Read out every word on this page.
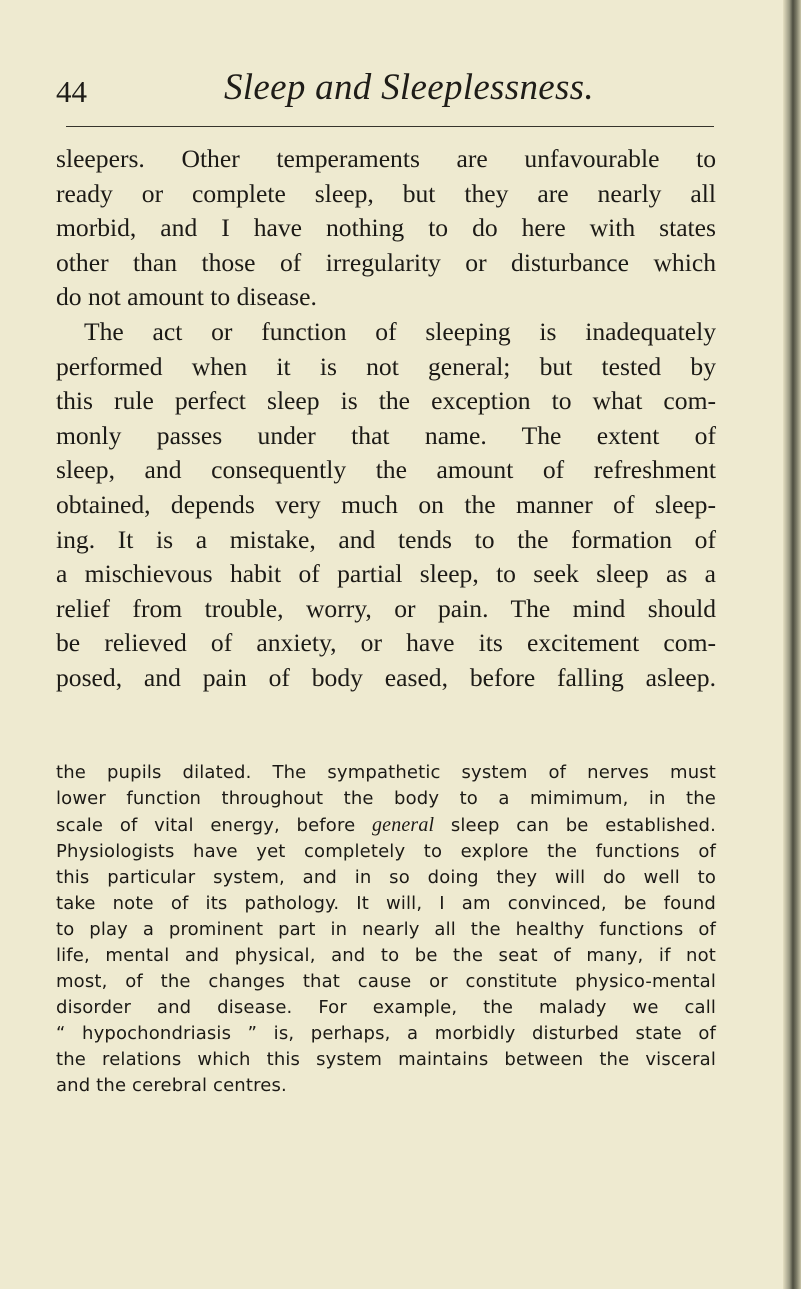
44	Sleep and Sleeplessness.
sleepers. Other temperaments are unfavourable to
ready or complete sleep, but they are nearly all
morbid, and I have nothing to do here with states
other than those of irregularity or disturbance which
do not amount to disease.
The act or function of sleeping is inadequately
performed when it is not general; but tested by
this rule perfect sleep is the exception to what com-
monly passes under that name. The extent of
sleep, and consequently the amount of refreshment
obtained, depends very much on the manner of sleep-
ing. It is a mistake, and tends to the formation of
a mischievous habit of partial sleep, to seek sleep as a
relief from trouble, worry, or pain. The mind should
be relieved of anxiety, or have its excitement com-
posed, and pain of body eased, before falling asleep.
the pupils dilated. The sympathetic system of nerves must
lower function throughout the body to a mimimum, in the
scale of vital energy, before general sleep can be established.
Physiologists have yet completely to explore the functions of
this particular system, and in so doing they will do well to
take note of its pathology. It will, I am convinced, be found
to play a prominent part in nearly all the healthy functions of
life, mental and physical, and to be the seat of many, if not
most, of the changes that cause or constitute physico-mental
disorder and disease. For example, the malady we call
“ hypochondriasis ” is, perhaps, a morbidly disturbed state of
the relations which this system maintains between the visceral
and the cerebral centres.
